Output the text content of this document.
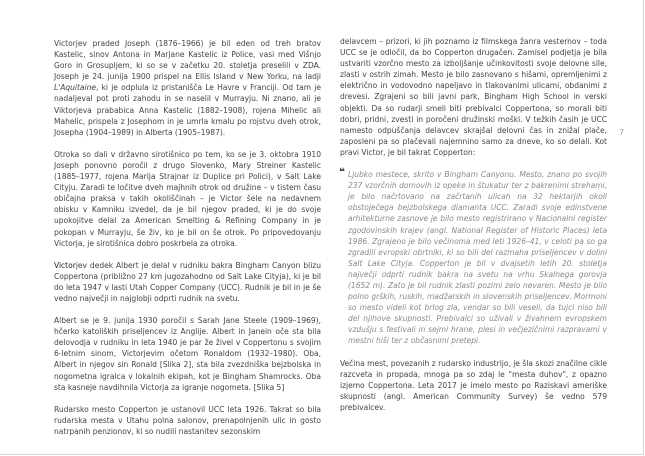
Victorjev praded Joseph (1876–1966) je bil eden od treh bratov Kastelic, sinov Antona in Marjane Kastelic iz Police, vasi med Višnjo Goro in Grosupljem, ki so se v začetku 20. stoletja preselili v ZDA. Joseph je 24. junija 1900 prispel na Ellis Island v New Yorku, na ladji L'Aquitaine, ki je odplula iz pristanišča Le Havre v Franciji. Od tam je nadaljeval pot proti zahodu in se naselil v Murrayju. Ni znano, ali je Viktorjeva prababica Anna Kastelic (1882–1908), rojena Mihelic ali Mahelic, prispela z Josephom in je umrla kmalu po rojstvu dveh otrok, Josepha (1904–1989) in Alberta (1905–1987).

Otroka so dali v državno sirotišnico po tem, ko se je 3. oktobra 1910 Joseph ponovno poročil z drugo Slovenko, Mary Streiner Kastelic (1885–1977, rojena Marija Strajnar iz Duplice pri Polici), v Salt Lake Cityju. Zaradi te ločitve dveh majhnih otrok od družine – v tistem času običajna praksa v takih okoliščinah – je Victor šele na nedavnem obisku v Kamniku izvedel, da je bil njegov praded, ki je do svoje upokojitve delal za American Smelting & Refining Company in je pokopan v Murrayju, še živ, ko je bil on še otrok. Po pripovedovanju Victorja, je sirotišnica dobro poskrbela za otroka.

Victorjev dedek Albert je delal v rudniku bakra Bingham Canyon blizu Coppertona (približno 27 km jugozahodno od Salt Lake Cityja), ki je bil do leta 1947 v lasti Utah Copper Company (UCC). Rudnik je bil in je še vedno največji in najglobji odprti rudnik na svetu.

Albert se je 9. junija 1930 poročil s Sarah Jane Steele (1909–1969), hčerko katoliških priseljencev iz Anglije. Albert in Janein oče sta bila delovodja v rudniku in leta 1940 je par že živel v Coppertonu s svojim 6-letnim sinom, Victorjevim očetom Ronaldom (1932–1980). Oba, Albert in njegov sin Ronald [Slika 2], sta bila zvezdniška bejzbolska in nogometna igralca v lokalnih ekipah, kot je Bingham Shamrocks. Oba sta kasneje navdihnila Victorja za igranje nogometa. [Slika 5]

Rudarsko mesto Copperton je ustanovil UCC leta 1926. Takrat so bila rudarska mesta v Utahu polna salonov, prenapolnjenih ulic in gosto natrpanih penzionov, ki so nudili nastanitev sezonskim

delavcem – prizori, ki jih poznamo iz filmskega žanra vesternov – toda UCC se je odločil, da bo Copperton drugačen. Zamisel podjetja je bila ustvariti vzorčno mesto za izboljšanje učinkovitosti svoje delovne sile, zlasti v ostrih zimah. Mesto je bilo zasnovano s hišami, opremljenimi z električno in vodovodno napeljavo in tlakovanimi ulicami, obdanimi z drevesi. Zgrajeni so bili javni park, Bingham High School in verski objekti. Da so rudarji smeli biti prebivalci Coppertona, so morali biti dobri, pridni, zvesti in poročeni družinski moški. V težkih časih je UCC namesto odpuščanja delavcev skrajšal delovni čas in znižal plače, zaposleni pa so plačevali najemnino samo za dneve, ko so delali. Kot pravi Victor, je bil takrat Copperton:

❝ Ljubko mestece, skrito v Bingham Canyonu. Mesto, znano po svojih 237 vzorčnih domovih iz opeke in štukatur ter z bakrenimi strehami, je bilo načrtovano na začrtanih ulicah na 32 hektarjih okoli obstoječega bejzbolskega diamanta UCC. Zaradi svoje edinstvene arhitekturne zasnove je bilo mesto registrirano v Nacionalni register zgodovinskih krajev (angl. National Register of Historic Places) leta 1986. Zgrajeno je bilo večinoma med leti 1926–41, v celoti pa so ga zgradili evropski obrtniki, ki so bili del razmaha priseljencev v dolini Salt Lake Cityja. Copperton je bil v dvajsetih letih 20. stoletja največji odprti rudnik bakra na svetu na vrhu Skalnega gorovja (1652 m). Zato je bil rudnik zlasti pozimi zelo nevaren. Mesto je bilo polno grških, ruskih, madžarskih in slovenskih priseljencev. Mormoni so mesto videli kot brlog zla, vendar so bili veseli, da tujci niso bili del njihove skupnosti. Prebivalci so uživali v živahnem evropskem vzdušju s festivali in sejmi hrane, plesi in večjezičnimi razpravami v mestni hiši ter z občasnimi pretepi.

Večina mest, povezanih z rudarsko industrijo, je šla skozi značilne cikle razcveta in propada, mnoga pa so zdaj le "mesta duhov", z opazno izjemo Coppertona. Leta 2017 je imelo mesto po Raziskavi ameriške skupnosti (angl. American Community Survey) še vedno 579 prebivalcev.

7
